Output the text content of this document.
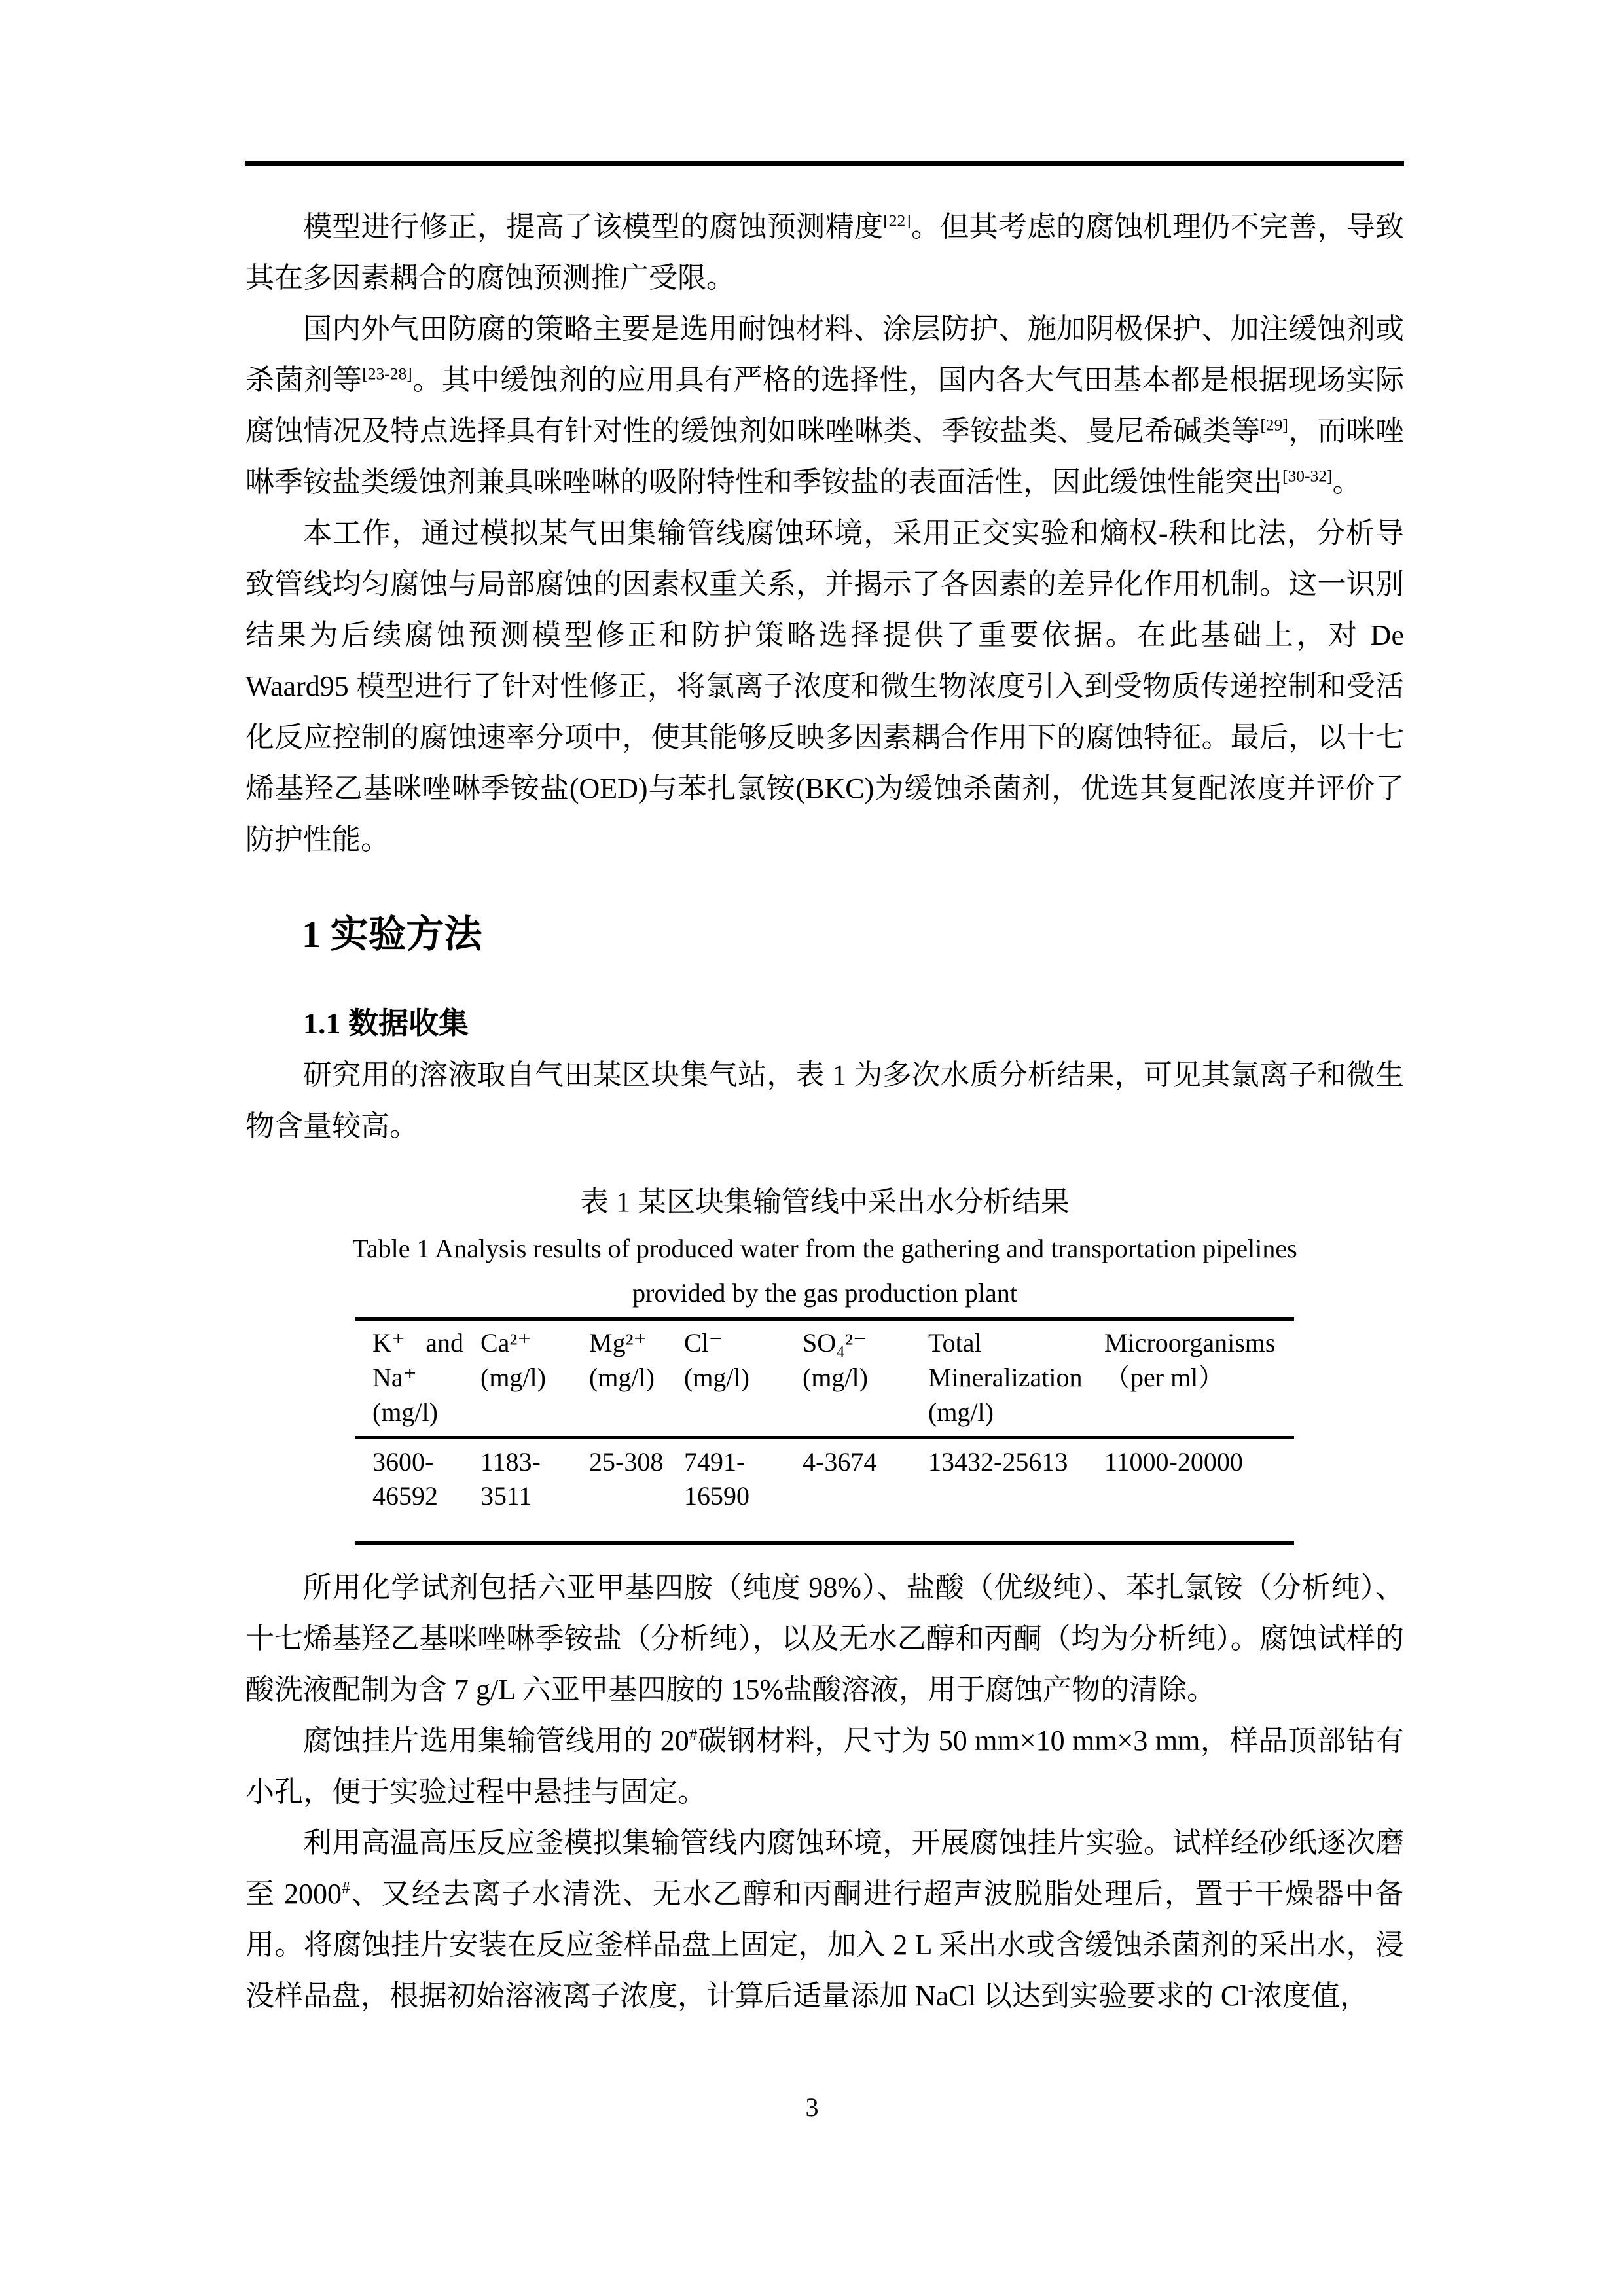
模型进行修正，提高了该模型的腐蚀预测精度[22]。但其考虑的腐蚀机理仍不完善，导致其在多因素耦合的腐蚀预测推广受限。

国内外气田防腐的策略主要是选用耐蚀材料、涂层防护、施加阴极保护、加注缓蚀剂或杀菌剂等[23-28]。其中缓蚀剂的应用具有严格的选择性，国内各大气田基本都是根据现场实际腐蚀情况及特点选择具有针对性的缓蚀剂如咪唑啉类、季铵盐类、曼尼希碱类等[29]，而咪唑啉季铵盐类缓蚀剂兼具咪唑啉的吸附特性和季铵盐的表面活性，因此缓蚀性能突出[30-32]。

本工作，通过模拟某气田集输管线腐蚀环境，采用正交实验和熵权-秩和比法，分析导致管线均匀腐蚀与局部腐蚀的因素权重关系，并揭示了各因素的差异化作用机制。这一识别结果为后续腐蚀预测模型修正和防护策略选择提供了重要依据。在此基础上，对 De Waard95 模型进行了针对性修正，将氯离子浓度和微生物浓度引入到受物质传递控制和受活化反应控制的腐蚀速率分项中，使其能够反映多因素耦合作用下的腐蚀特征。最后，以十七烯基羟乙基咪唑啉季铵盐(OED)与苯扎氯铵(BKC)为缓蚀杀菌剂，优选其复配浓度并评价了防护性能。

1 实验方法
1.1 数据收集

研究用的溶液取自气田某区块集气站，表 1 为多次水质分析结果，可见其氯离子和微生物含量较高。

表 1 某区块集输管线中采出水分析结果
Table 1 Analysis results of produced water from the gathering and transportation pipelines
provided by the gas production plant
K⁺ and Na⁺ (mg/l)	Ca²⁺ (mg/l)	Mg²⁺ (mg/l)	Cl⁻ (mg/l)	SO₄²⁻ (mg/l)	Total Mineralization (mg/l)	Microorganisms （per ml）
3600-46592	1183-3511	25-308	7491-16590	4-3674	13432-25613	11000-20000

所用化学试剂包括六亚甲基四胺（纯度 98%）、盐酸（优级纯）、苯扎氯铵（分析纯）、十七烯基羟乙基咪唑啉季铵盐（分析纯），以及无水乙醇和丙酮（均为分析纯）。腐蚀试样的酸洗液配制为含 7 g/L 六亚甲基四胺的 15%盐酸溶液，用于腐蚀产物的清除。

腐蚀挂片选用集输管线用的 20#碳钢材料，尺寸为 50 mm×10 mm×3 mm，样品顶部钻有小孔，便于实验过程中悬挂与固定。

利用高温高压反应釜模拟集输管线内腐蚀环境，开展腐蚀挂片实验。试样经砂纸逐次磨至 2000#、又经去离子水清洗、无水乙醇和丙酮进行超声波脱脂处理后，置于干燥器中备用。将腐蚀挂片安装在反应釜样品盘上固定，加入 2 L 采出水或含缓蚀杀菌剂的采出水，浸没样品盘，根据初始溶液离子浓度，计算后适量添加 NaCl 以达到实验要求的 Cl-浓度值，

3
